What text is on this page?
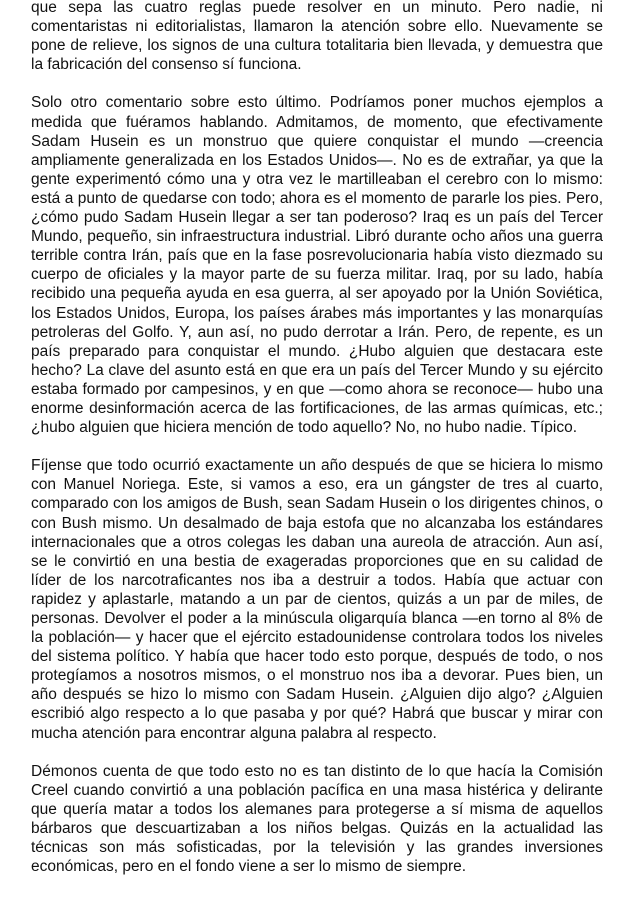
que sepa las cuatro reglas puede resolver en un minuto. Pero nadie, ni comentaristas ni editorialistas, llamaron la atención sobre ello. Nuevamente se pone de relieve, los signos de una cultura totalitaria bien llevada, y demuestra que la fabricación del consenso sí funciona.

Solo otro comentario sobre esto último. Podríamos poner muchos ejemplos a medida que fuéramos hablando. Admitamos, de momento, que efectivamente Sadam Husein es un monstruo que quiere conquistar el mundo —creencia ampliamente generalizada en los Estados Unidos—. No es de extrañar, ya que la gente experimentó cómo una y otra vez le martilleaban el cerebro con lo mismo: está a punto de quedarse con todo; ahora es el momento de pararle los pies. Pero, ¿cómo pudo Sadam Husein llegar a ser tan poderoso? Iraq es un país del Tercer Mundo, pequeño, sin infraestructura industrial. Libró durante ocho años una guerra terrible contra Irán, país que en la fase posrevolucionaria había visto diezmado su cuerpo de oficiales y la mayor parte de su fuerza militar. Iraq, por su lado, había recibido una pequeña ayuda en esa guerra, al ser apoyado por la Unión Soviética, los Estados Unidos, Europa, los países árabes más importantes y las monarquías petroleras del Golfo. Y, aun así, no pudo derrotar a Irán. Pero, de repente, es un país preparado para conquistar el mundo. ¿Hubo alguien que destacara este hecho? La clave del asunto está en que era un país del Tercer Mundo y su ejército estaba formado por campesinos, y en que —como ahora se reconoce— hubo una enorme desinformación acerca de las fortificaciones, de las armas químicas, etc.; ¿hubo alguien que hiciera mención de todo aquello? No, no hubo nadie. Típico.

Fíjense que todo ocurrió exactamente un año después de que se hiciera lo mismo con Manuel Noriega. Este, si vamos a eso, era un gángster de tres al cuarto, comparado con los amigos de Bush, sean Sadam Husein o los dirigentes chinos, o con Bush mismo. Un desalmado de baja estofa que no alcanzaba los estándares internacionales que a otros colegas les daban una aureola de atracción. Aun así, se le convirtió en una bestia de exageradas proporciones que en su calidad de líder de los narcotraficantes nos iba a destruir a todos. Había que actuar con rapidez y aplastarle, matando a un par de cientos, quizás a un par de miles, de personas. Devolver el poder a la minúscula oligarquía blanca —en torno al 8% de la población— y hacer que el ejército estadounidense controlara todos los niveles del sistema político. Y había que hacer todo esto porque, después de todo, o nos protegíamos a nosotros mismos, o el monstruo nos iba a devorar. Pues bien, un año después se hizo lo mismo con Sadam Husein. ¿Alguien dijo algo? ¿Alguien escribió algo respecto a lo que pasaba y por qué? Habrá que buscar y mirar con mucha atención para encontrar alguna palabra al respecto.

Démonos cuenta de que todo esto no es tan distinto de lo que hacía la Comisión Creel cuando convirtió a una población pacífica en una masa histérica y delirante que quería matar a todos los alemanes para protegerse a sí misma de aquellos bárbaros que descuartizaban a los niños belgas. Quizás en la actualidad las técnicas son más sofisticadas, por la televisión y las grandes inversiones económicas, pero en el fondo viene a ser lo mismo de siempre.
